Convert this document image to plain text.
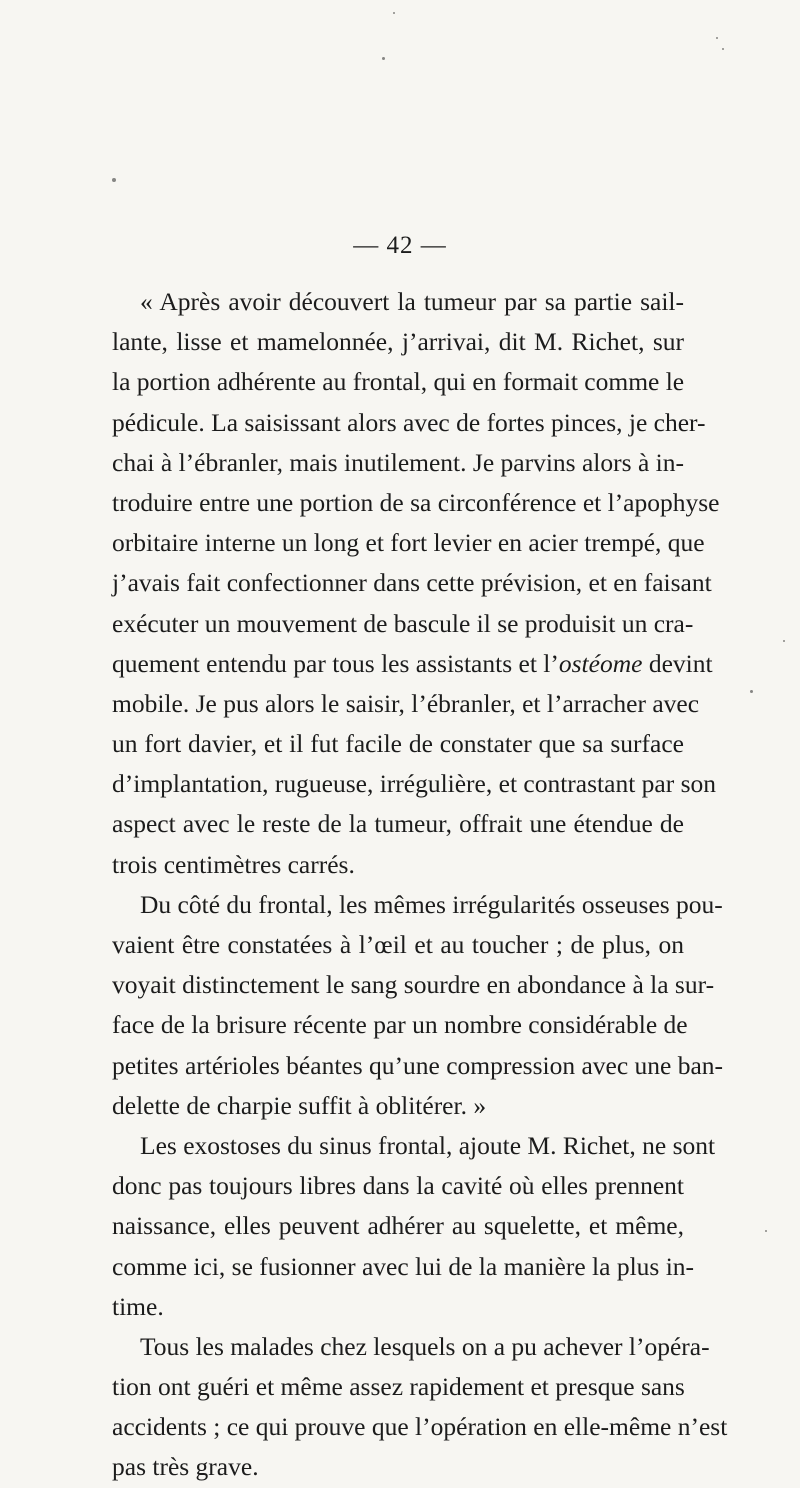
— 42 —
« Après avoir découvert la tumeur par sa partie sail-
lante, lisse et mamelonnée, j’arrivai, dit M. Richet, sur
la portion adhérente au frontal, qui en formait comme le
pédicule. La saisissant alors avec de fortes pinces, je cher-
chai à l’ébranler, mais inutilement. Je parvins alors à in-
troduire entre une portion de sa circonférence et l’apophyse
orbitaire interne un long et fort levier en acier trempé, que
j’avais fait confectionner dans cette prévision, et en faisant
exécuter un mouvement de bascule il se produisit un cra-
quement entendu par tous les assistants et l’ostéome devint
mobile. Je pus alors le saisir, l’ébranler, et l’arracher avec
un fort davier, et il fut facile de constater que sa surface
d’implantation, rugueuse, irrégulière, et contrastant par son
aspect avec le reste de la tumeur, offrait une étendue de
trois centimètres carrés.
Du côté du frontal, les mêmes irrégularités osseuses pou-
vaient être constatées à l’œil et au toucher ; de plus, on
voyait distinctement le sang sourdre en abondance à la sur-
face de la brisure récente par un nombre considérable de
petites artérioles béantes qu’une compression avec une ban-
delette de charpie suffit à oblitérer. »
Les exostoses du sinus frontal, ajoute M. Richet, ne sont
donc pas toujours libres dans la cavité où elles prennent
naissance, elles peuvent adhérer au squelette, et même,
comme ici, se fusionner avec lui de la manière la plus in-
time.
Tous les malades chez lesquels on a pu achever l’opéra-
tion ont guéri et même assez rapidement et presque sans
accidents ; ce qui prouve que l’opération en elle-même n’est
pas très grave.
